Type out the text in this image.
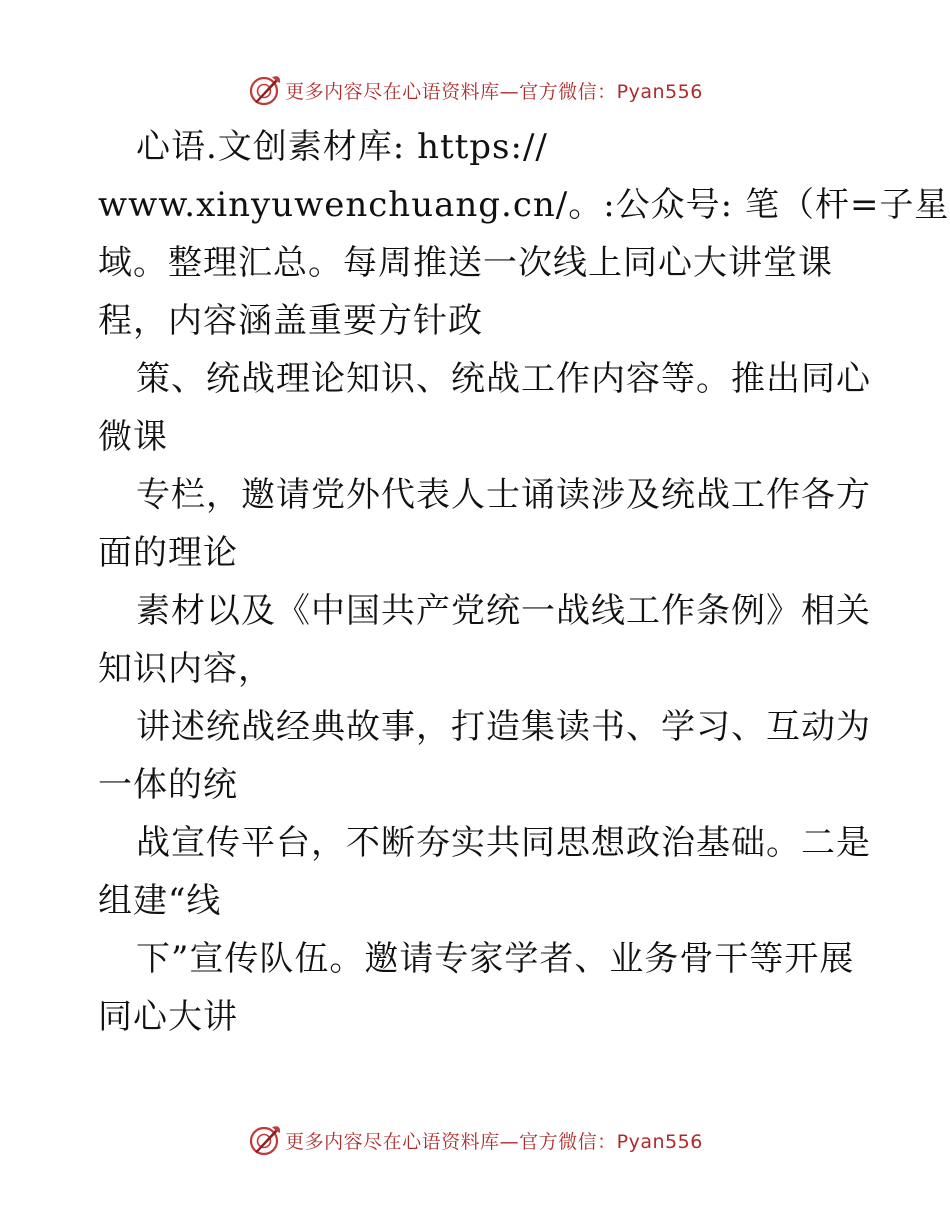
更多内容尽在心语资料库—官方微信：Pyan556
心语.文创素材库: https://
www.xinyuwenchuang.cn/。:公众号: 笔（杆=子星
域。整理汇总。每周推送一次线上同心大讲堂课
程，内容涵盖重要方针政
策、统战理论知识、统战工作内容等。推出同心
微课
专栏，邀请党外代表人士诵读涉及统战工作各方
面的理论
素材以及《中国共产党统一战线工作条例》相关
知识内容，
讲述统战经典故事，打造集读书、学习、互动为
一体的统
战宣传平台，不断夯实共同思想政治基础。二是
组建“线
下”宣传队伍。邀请专家学者、业务骨干等开展
同心大讲
更多内容尽在心语资料库—官方微信：Pyan556
